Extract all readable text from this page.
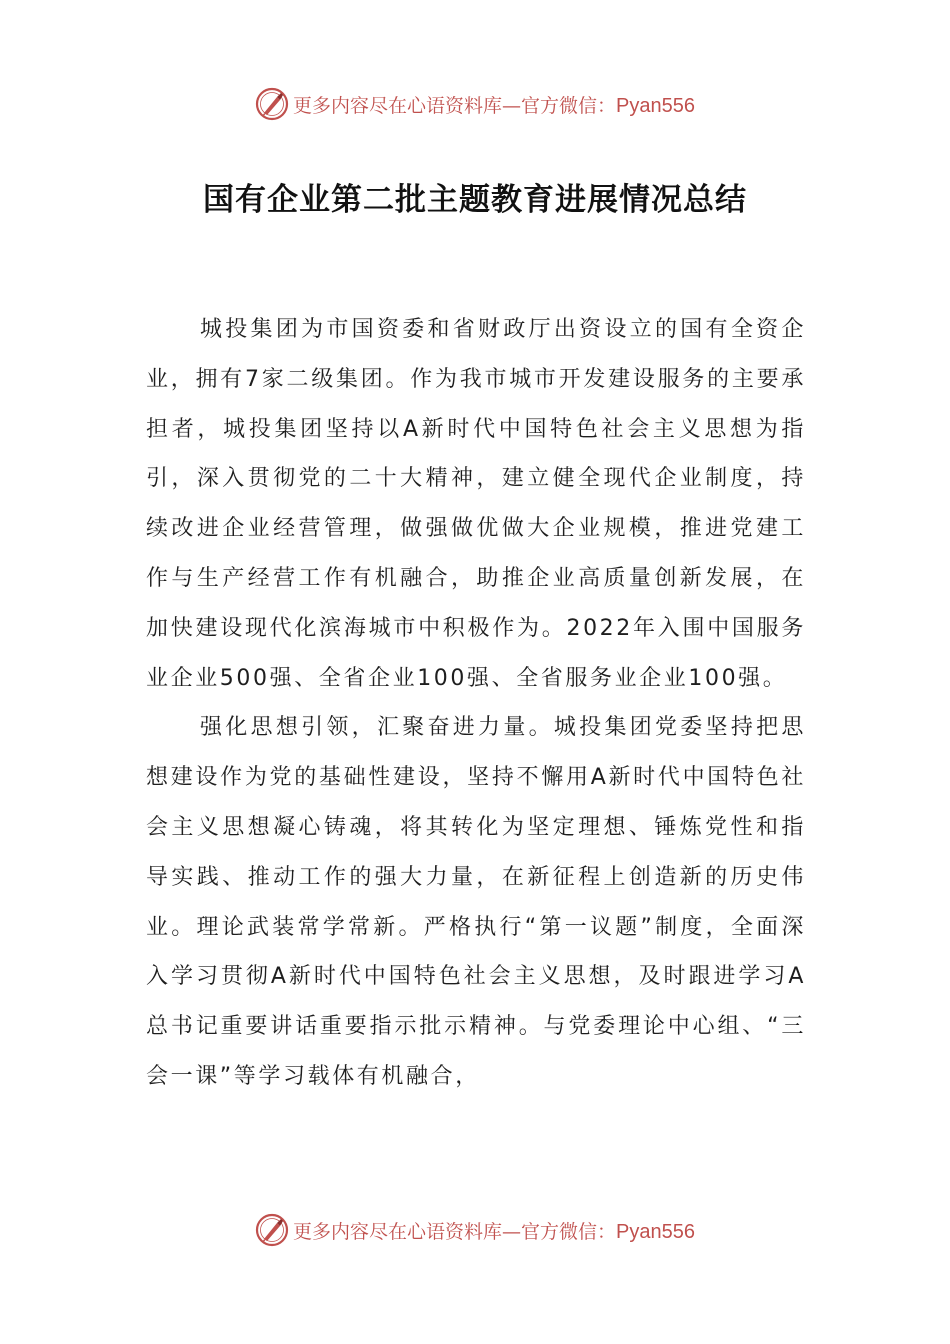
更多内容尽在心语资料库—官方微信：Pyan556
国有企业第二批主题教育进展情况总结

城投集团为市国资委和省财政厅出资设立的国有全资企业，拥有7家二级集团。作为我市城市开发建设服务的主要承担者，城投集团坚持以A新时代中国特色社会主义思想为指引，深入贯彻党的二十大精神，建立健全现代企业制度，持续改进企业经营管理，做强做优做大企业规模，推进党建工作与生产经营工作有机融合，助推企业高质量创新发展，在加快建设现代化滨海城市中积极作为。2022年入围中国服务业企业500强、全省企业100强、全省服务业企业100强。

强化思想引领，汇聚奋进力量。城投集团党委坚持把思想建设作为党的基础性建设，坚持不懈用A新时代中国特色社会主义思想凝心铸魂，将其转化为坚定理想、锤炼党性和指导实践、推动工作的强大力量，在新征程上创造新的历史伟业。理论武装常学常新。严格执行“第一议题”制度，全面深入学习贯彻A新时代中国特色社会主义思想，及时跟进学习A总书记重要讲话重要指示批示精神。与党委理论中心组、“三会一课”等学习载体有机融合，

更多内容尽在心语资料库—官方微信：Pyan556
